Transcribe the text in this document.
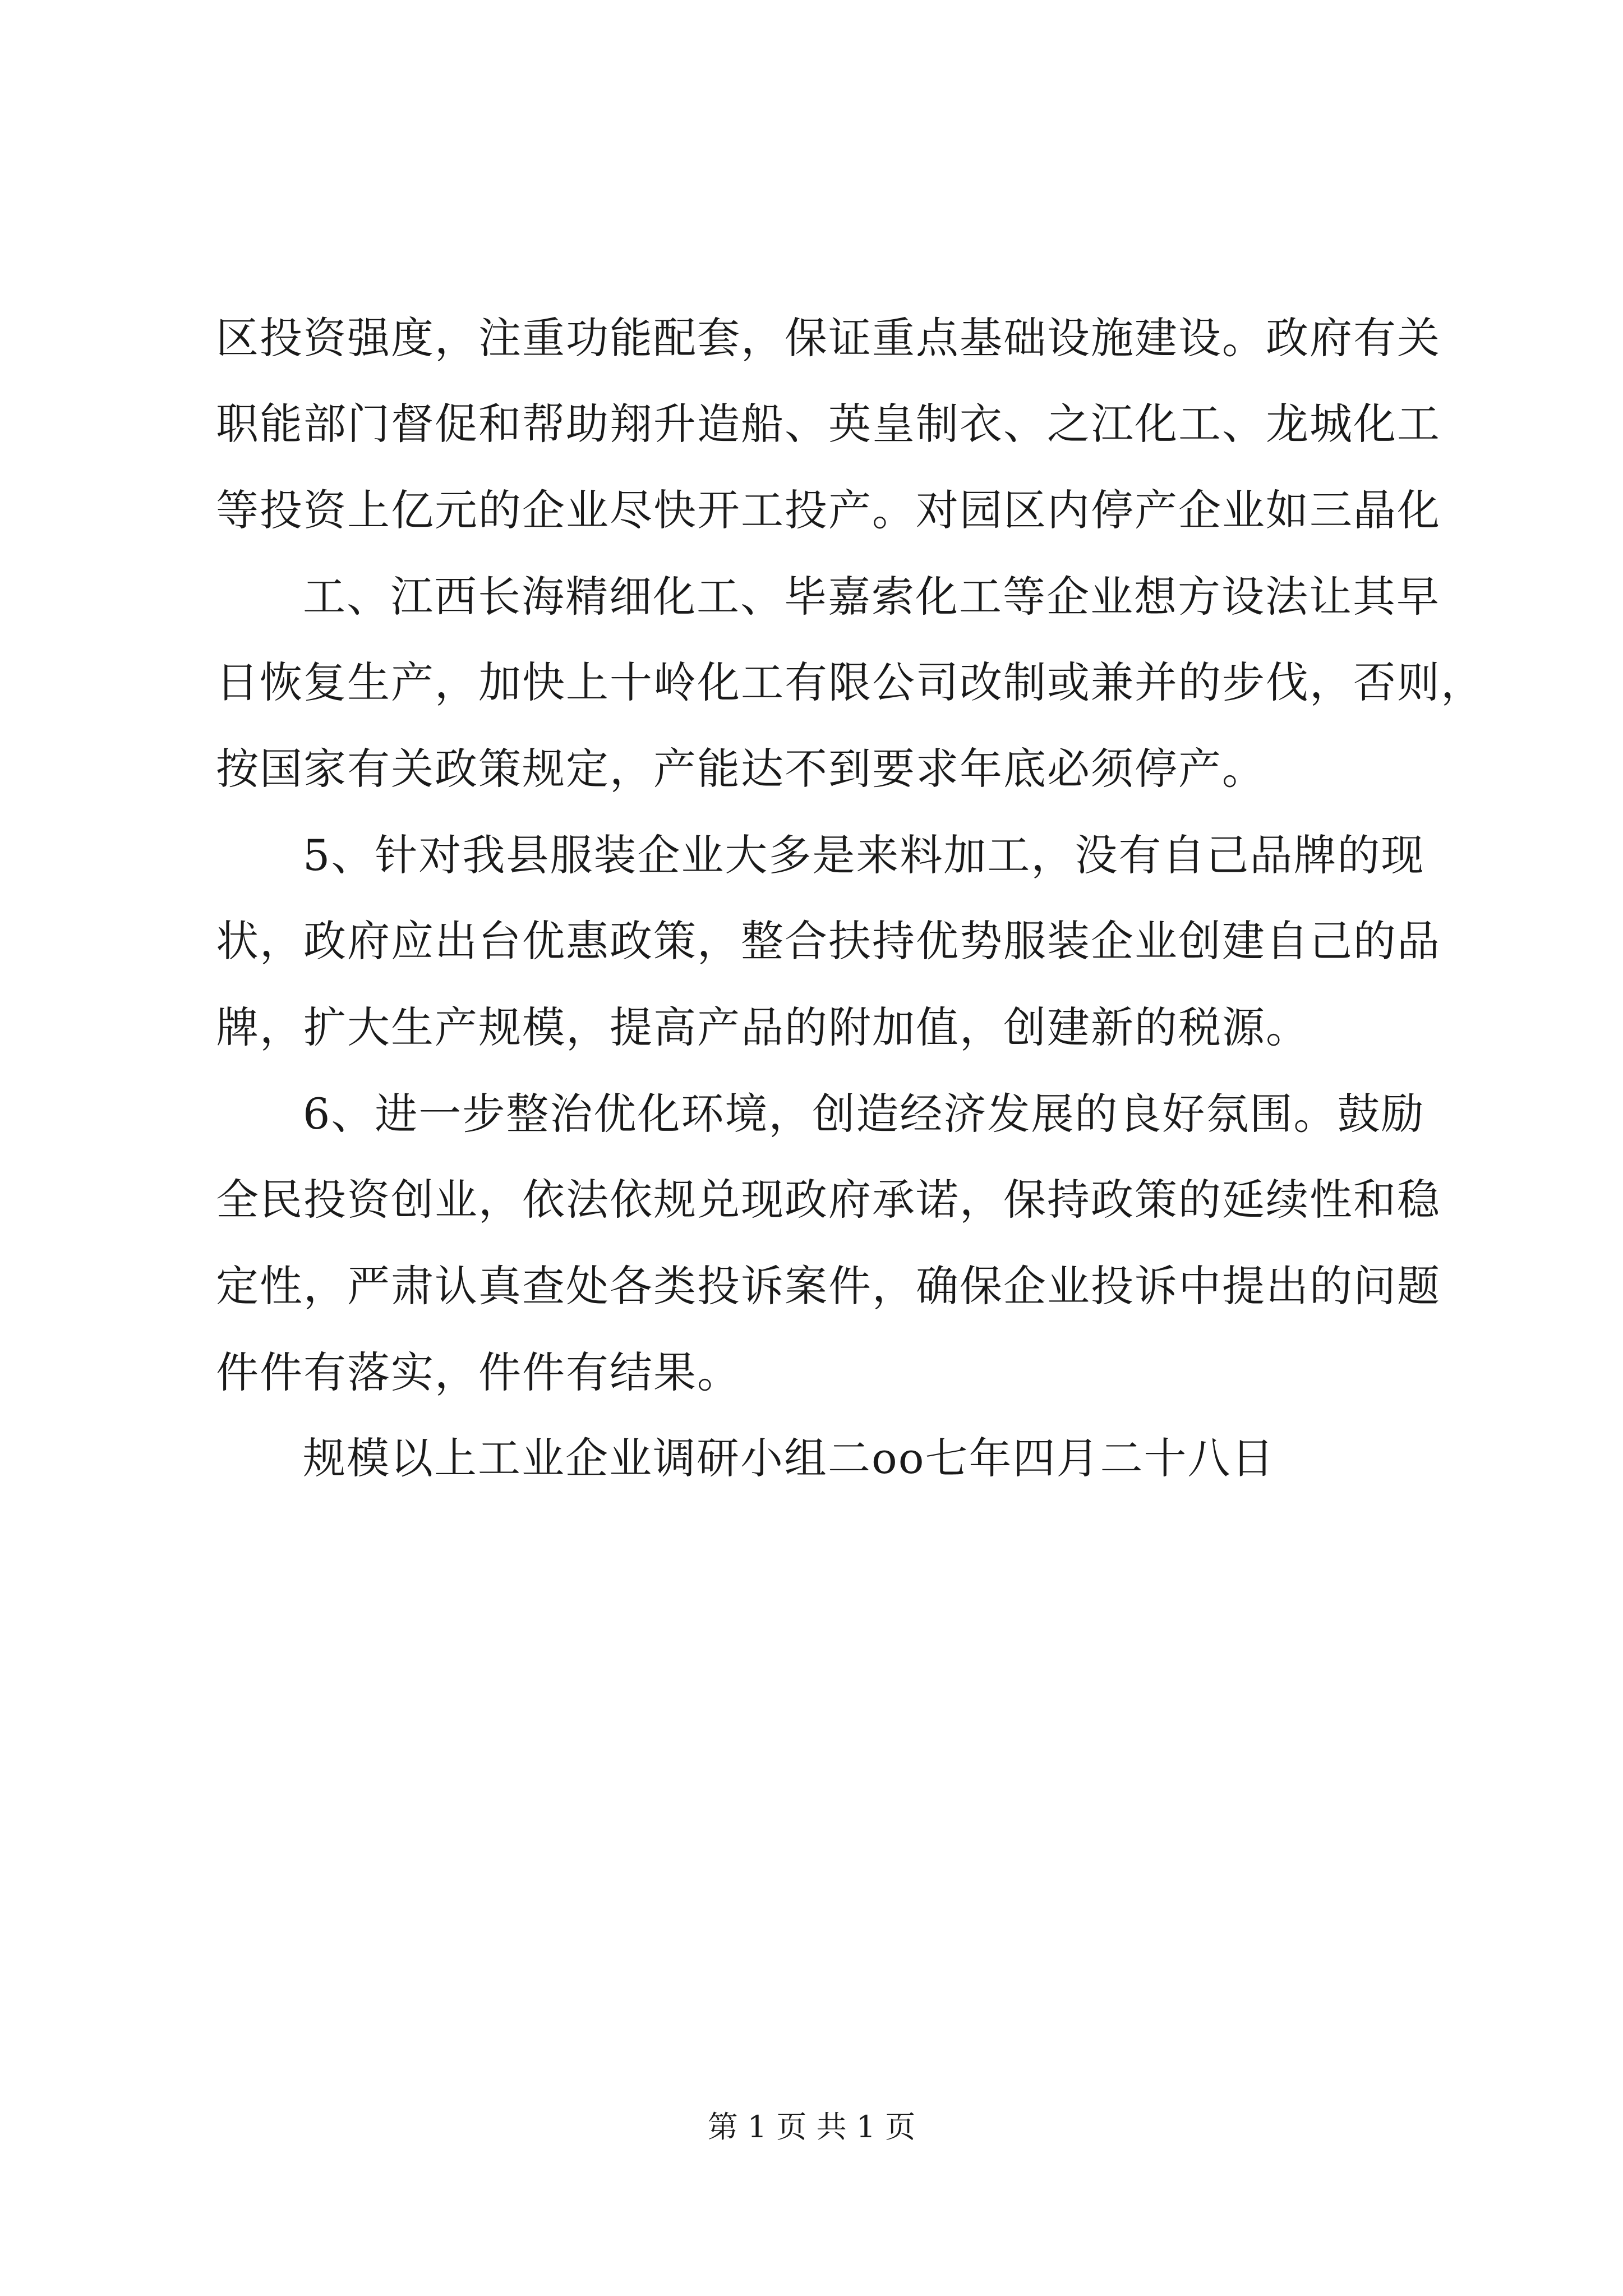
区投资强度，注重功能配套，保证重点基础设施建设。政府有关
职能部门督促和帮助翔升造船、英皇制衣、之江化工、龙城化工
等投资上亿元的企业尽快开工投产。对园区内停产企业如三晶化
工、江西长海精细化工、毕嘉索化工等企业想方设法让其早
日恢复生产，加快上十岭化工有限公司改制或兼并的步伐，否则，
按国家有关政策规定，产能达不到要求年底必须停产。
5、针对我县服装企业大多是来料加工，没有自己品牌的现
状，政府应出台优惠政策，整合扶持优势服装企业创建自己的品
牌，扩大生产规模，提高产品的附加值，创建新的税源。
6、进一步整治优化环境，创造经济发展的良好氛围。鼓励
全民投资创业，依法依规兑现政府承诺，保持政策的延续性和稳
定性，严肃认真查处各类投诉案件，确保企业投诉中提出的问题
件件有落实，件件有结果。
规模以上工业企业调研小组二oo七年四月二十八日
第 1 页 共 1 页
